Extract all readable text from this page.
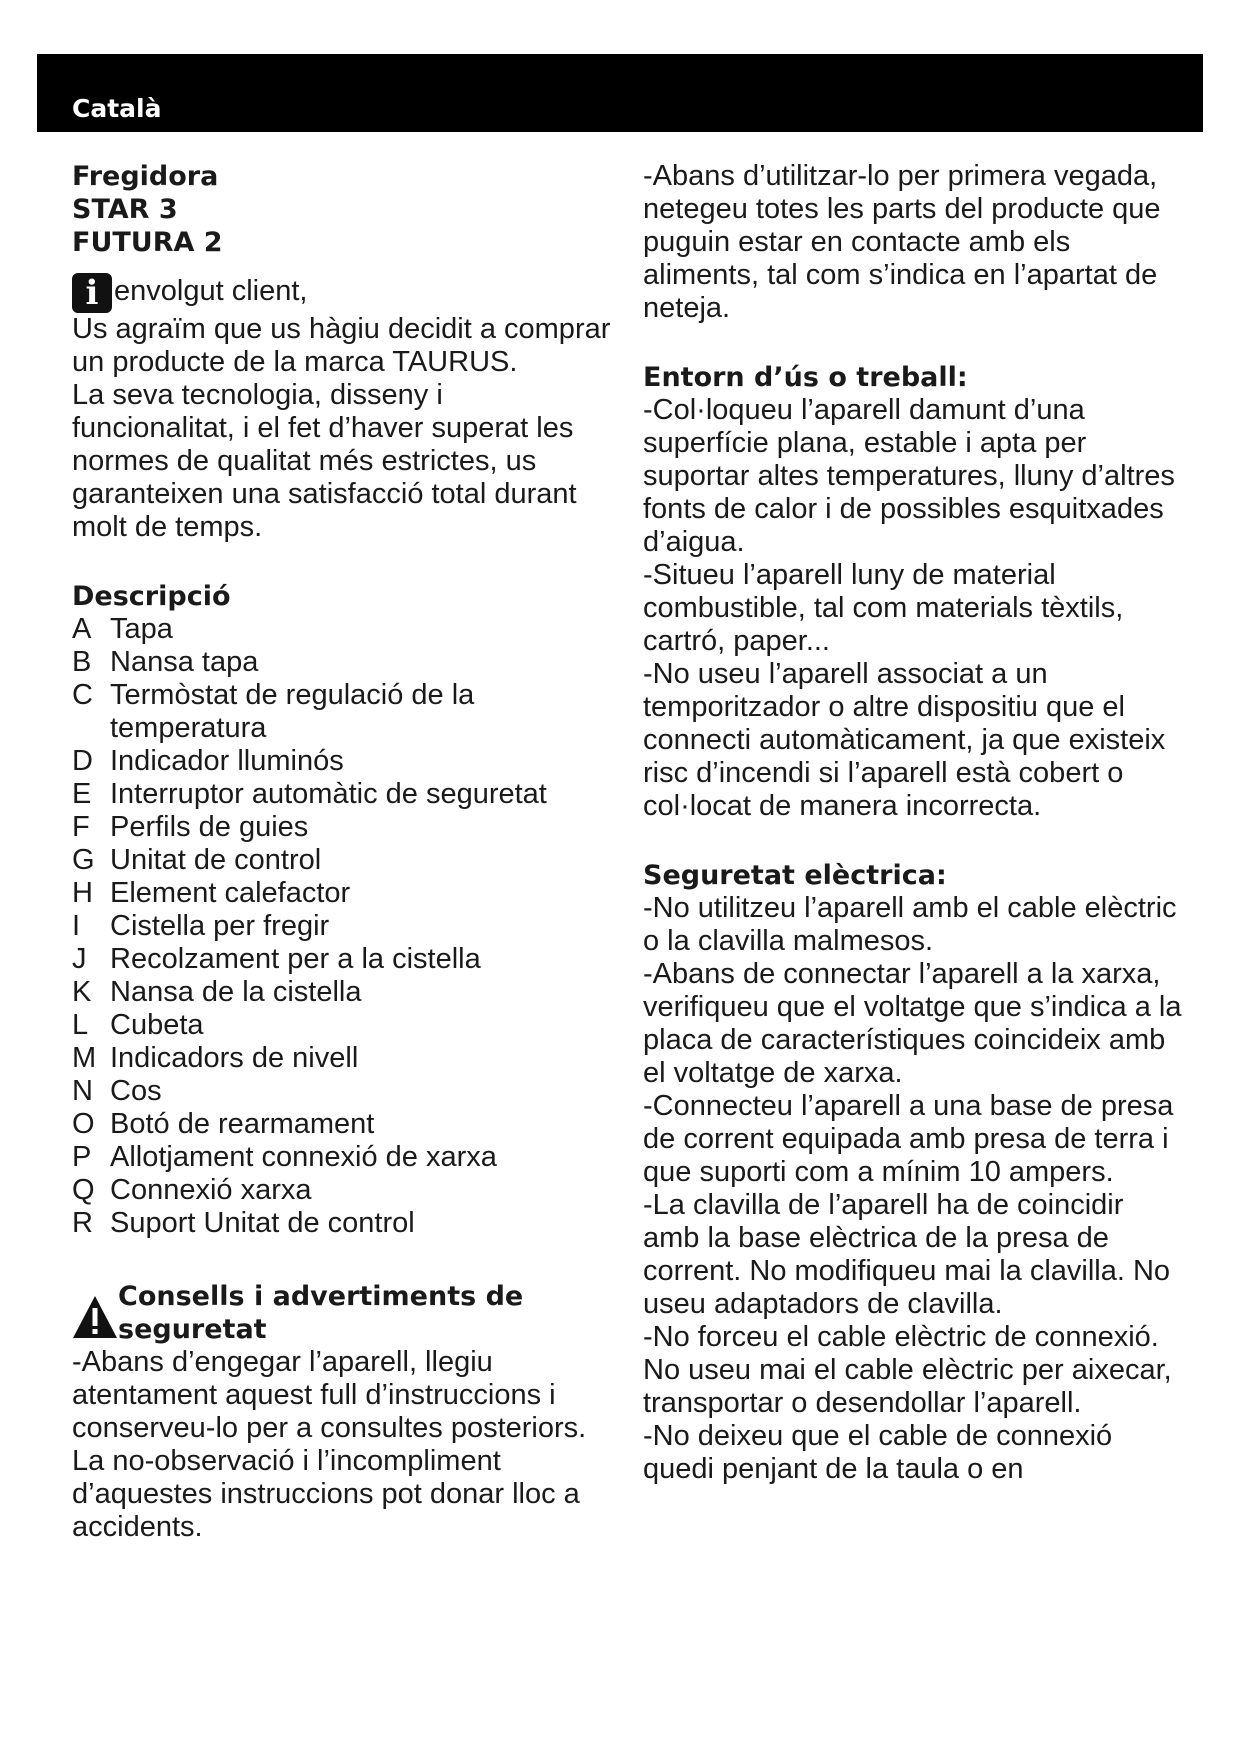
Català
Fregidora
STAR 3
FUTURA 2

i envolgut client,

Us agraïm que us hàgiu decidit a comprar un producte de la marca TAURUS.

La seva tecnologia, disseny i funcionalitat, i el fet d’haver superat les normes de qualitat més estrictes, us garanteixen una satisfacció total durant molt de temps.

Descripció
A Tapa
B Nansa tapa
C Termòstat de regulació de la temperatura
D Indicador lluminós
E Interruptor automàtic de seguretat
F Perfils de guies
G Unitat de control
H Element calefactor
I	Cistella per fregir
J Recolzament per a la cistella
K Nansa de la cistella
L Cubeta
M Indicadors de nivell
N Cos
O Botó de rearmament
P Allotjament connexió de xarxa
Q Connexió xarxa
R Suport Unitat de control
Consells i advertiments de seguretat

-Abans d’engegar l’aparell, llegiu atentament aquest full d’instruccions i conserveu-lo per a consultes posteriors. La no-observació i l’incompliment d’aquestes instruccions pot donar lloc a accidents.

-Abans d’utilitzar-lo per primera vegada, netegeu totes les parts del producte que puguin estar en contacte amb els aliments, tal com s’indica en l’apartat de neteja.

Entorn d’ús o treball:

-Col·loqueu l’aparell damunt d’una superfície plana, estable i apta per suportar altes temperatures, lluny d’altres fonts de calor i de possibles esquitxades d’aigua.

-Situeu l’aparell luny de material combustible, tal com materials tèxtils, cartró, paper...

-No useu l’aparell associat a un temporitzador o altre dispositiu que el connecti automàticament, ja que existeix risc d’incendi si l’aparell està cobert o col·locat de manera incorrecta.

Seguretat elèctrica:

-No utilitzeu l’aparell amb el cable elèctric o la clavilla malmesos.

-Abans de connectar l’aparell a la xarxa, verifiqueu que el voltatge que s’indica a la placa de característiques coincideix amb el voltatge de xarxa.

-Connecteu l’aparell a una base de presa de corrent equipada amb presa de terra i que suporti com a mínim 10 ampers.

-La clavilla de l’aparell ha de coincidir amb la base elèctrica de la presa de corrent. No modifiqueu mai la clavilla. No useu adaptadors de clavilla.

-No forceu el cable elèctric de connexió. No useu mai el cable elèctric per aixecar, transportar o desendollar l’aparell.

-No deixeu que el cable de connexió quedi penjant de la taula o en
